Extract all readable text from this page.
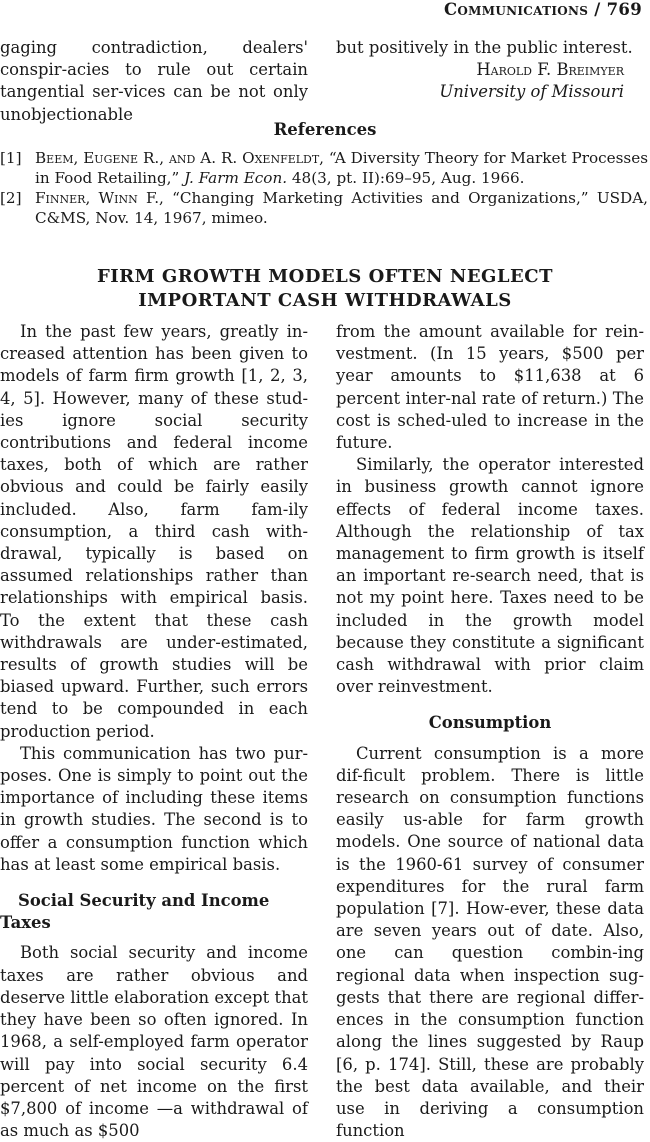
Communications / 769

gaging contradiction, dealers' conspir-acies to rule out certain tangential ser-vices can be not only unobjectionable

but positively in the public interest.

Harold F. Breimyer

University of Missouri

References
[1] Beem, Eugene R., and A. R. Oxenfeldt, “A Diversity Theory for Market Processes in Food Retailing,” J. Farm Econ. 48(3, pt. II):69–95, Aug. 1966.
[2] Finner, Winn F., “Changing Marketing Activities and Organizations,” USDA, C&MS, Nov. 14, 1967, mimeo.
FIRM GROWTH MODELS OFTEN NEGLECT
IMPORTANT CASH WITHDRAWALS

In the past few years, greatly in-creased attention has been given to models of farm firm growth [1, 2, 3, 4, 5]. However, many of these stud-ies ignore social security contributions and federal income taxes, both of which are rather obvious and could be fairly easily included. Also, farm fam-ily consumption, a third cash with-drawal, typically is based on assumed relationships rather than relationships with empirical basis. To the extent that these cash withdrawals are under-estimated, results of growth studies will be biased upward. Further, such errors tend to be compounded in each production period.

This communication has two pur-poses. One is simply to point out the importance of including these items in growth studies. The second is to offer a consumption function which has at least some empirical basis.

Social Security and Income Taxes

Both social security and income taxes are rather obvious and deserve little elaboration except that they have been so often ignored. In 1968, a self-employed farm operator will pay into social security 6.4 percent of net income on the first $7,800 of income —a withdrawal of as much as $500

from the amount available for rein-vestment. (In 15 years, $500 per year amounts to $11,638 at 6 percent inter-nal rate of return.) The cost is sched-uled to increase in the future.

Similarly, the operator interested in business growth cannot ignore effects of federal income taxes. Although the relationship of tax management to firm growth is itself an important re-search need, that is not my point here. Taxes need to be included in the growth model because they constitute a significant cash withdrawal with prior claim over reinvestment.

Consumption

Current consumption is a more dif-ficult problem. There is little research on consumption functions easily us-able for farm growth models. One source of national data is the 1960-61 survey of consumer expenditures for the rural farm population [7]. How-ever, these data are seven years out of date. Also, one can question combin-ing regional data when inspection sug-gests that there are regional differ-ences in the consumption function along the lines suggested by Raup [6, p. 174]. Still, these are probably the best data available, and their use in deriving a consumption function
